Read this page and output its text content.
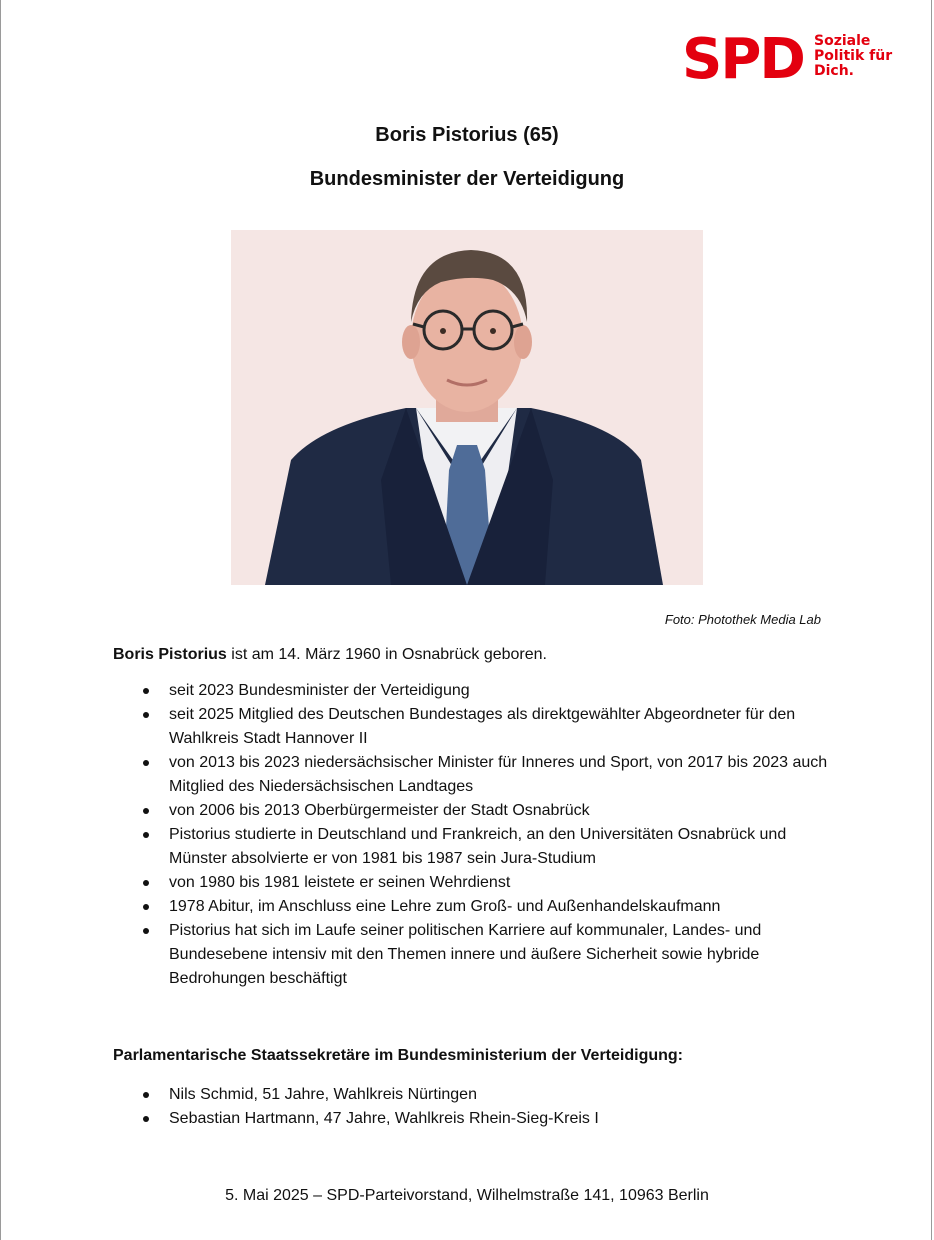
SPD Soziale
Politik für
Dich.
Boris Pistorius (65)
Bundesminister der Verteidigung
Foto: Photothek Media Lab
Boris Pistorius ist am 14. März 1960 in Osnabrück geboren.
seit 2023 Bundesminister der Verteidigung
seit 2025 Mitglied des Deutschen Bundestages als direktgewählter Abgeordneter für den Wahlkreis Stadt Hannover II
von 2013 bis 2023 niedersächsischer Minister für Inneres und Sport, von 2017 bis 2023 auch Mitglied des Niedersächsischen Landtages
von 2006 bis 2013 Oberbürgermeister der Stadt Osnabrück
Pistorius studierte in Deutschland und Frankreich, an den Universitäten Osnabrück und Münster absolvierte er von 1981 bis 1987 sein Jura-Studium
von 1980 bis 1981 leistete er seinen Wehrdienst
1978 Abitur, im Anschluss eine Lehre zum Groß- und Außenhandelskaufmann
Pistorius hat sich im Laufe seiner politischen Karriere auf kommunaler, Landes- und Bundesebene intensiv mit den Themen innere und äußere Sicherheit sowie hybride Bedrohungen beschäftigt
Parlamentarische Staatssekretäre im Bundesministerium der Verteidigung:
Nils Schmid, 51 Jahre, Wahlkreis Nürtingen
Sebastian Hartmann, 47 Jahre, Wahlkreis Rhein-Sieg-Kreis I
5. Mai 2025 – SPD-Parteivorstand, Wilhelmstraße 141, 10963 Berlin
